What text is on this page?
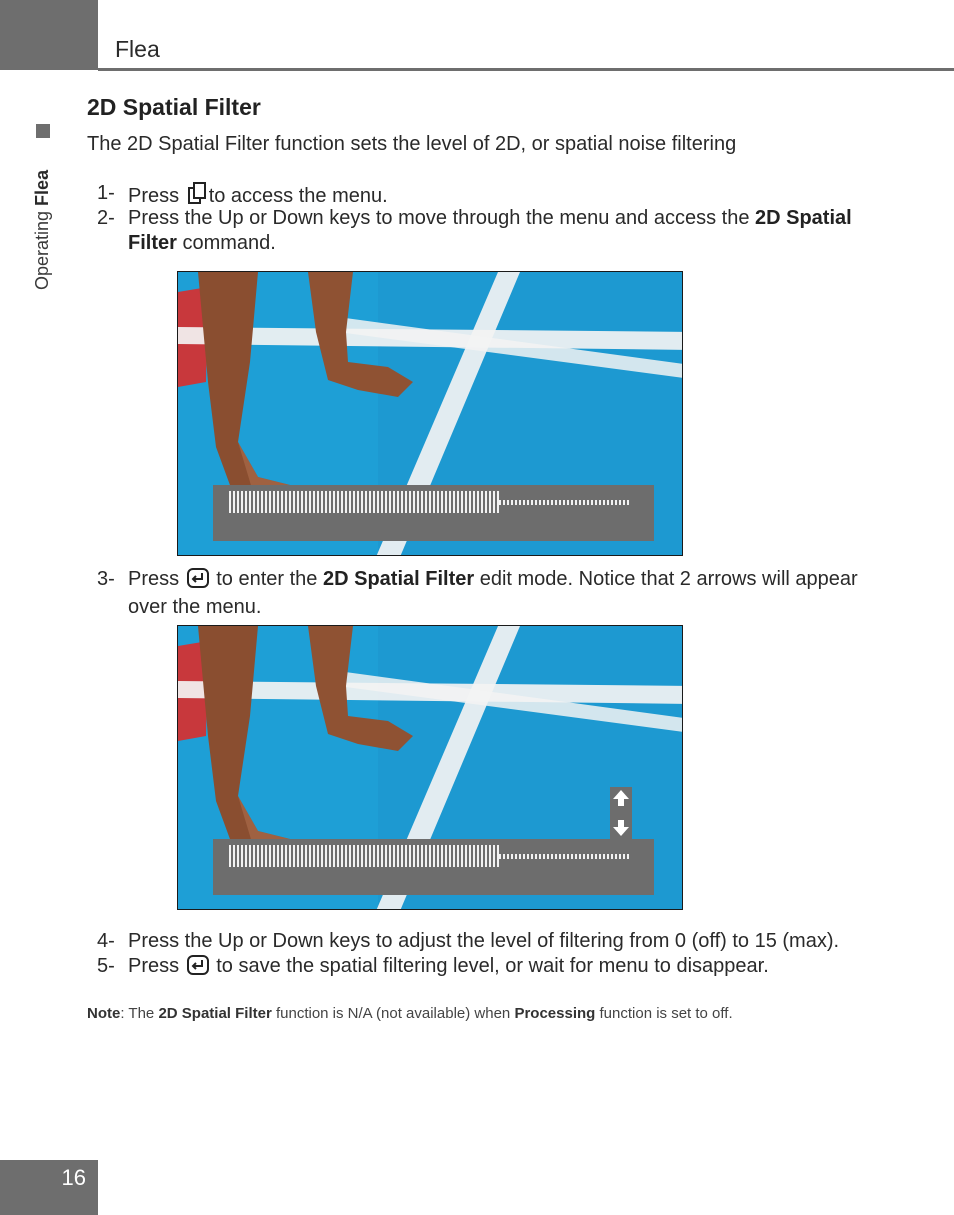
Flea
Operating Flea
2D Spatial Filter
The 2D Spatial Filter function sets the level of 2D, or spatial noise filtering
1- Press to access the menu.
2- Press the Up or Down keys to move through the menu and access the 2D Spatial Filter command.
3- Press  to enter the 2D Spatial Filter edit mode. Notice that 2 arrows will appear over the menu.
4- Press the Up or Down keys to adjust the level of filtering from 0 (off) to 15 (max).
5- Press  to save the spatial filtering level, or wait for menu to disappear.
Note: The 2D Spatial Filter function is N/A (not available) when Processing function is set to off.
16
